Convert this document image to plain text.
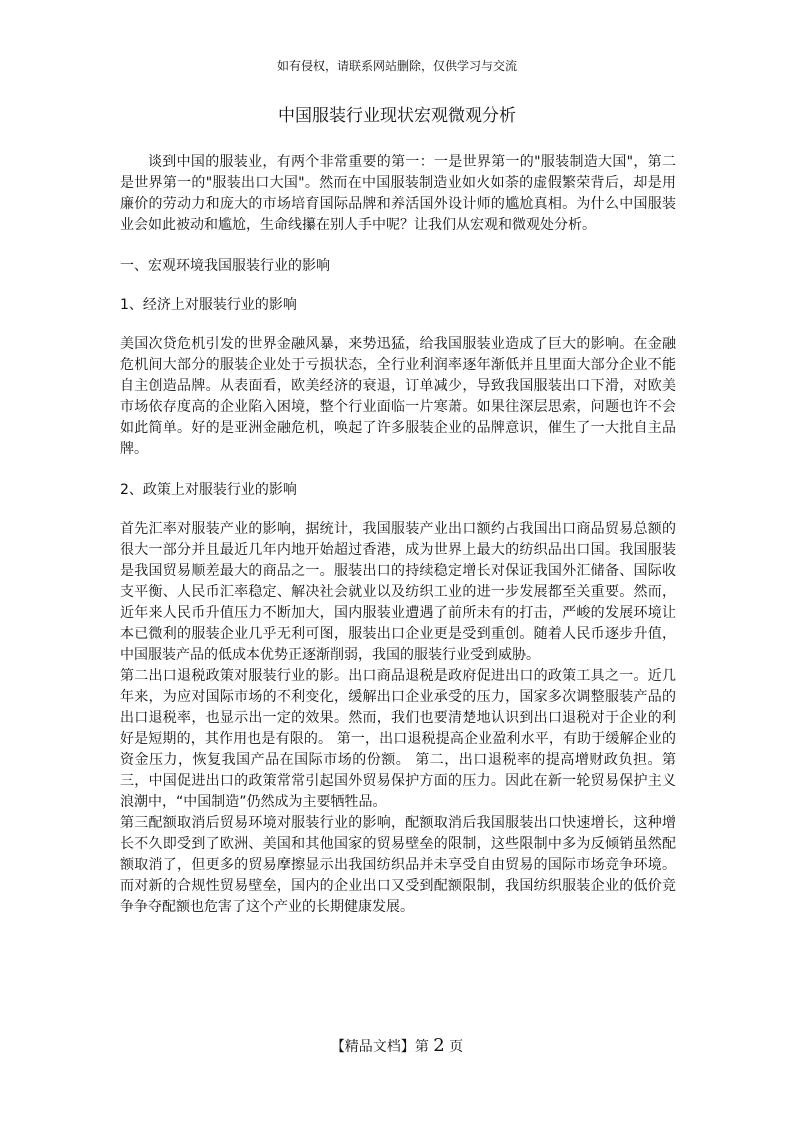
如有侵权，请联系网站删除，仅供学习与交流
中国服装行业现状宏观微观分析

谈到中国的服装业，有两个非常重要的第一：一是世界第一的"服装制造大国"，第二是世界第一的"服装出口大国"。然而在中国服装制造业如火如荼的虚假繁荣背后，却是用廉价的劳动力和庞大的市场培育国际品牌和养活国外设计师的尴尬真相。为什么中国服装业会如此被动和尴尬，生命线攥在别人手中呢？让我们从宏观和微观处分析。

一、宏观环境我国服装行业的影响

1、经济上对服装行业的影响

美国次贷危机引发的世界金融风暴，来势迅猛，给我国服装业造成了巨大的影响。在金融危机间大部分的服装企业处于亏损状态，全行业利润率逐年渐低并且里面大部分企业不能自主创造品牌。从表面看，欧美经济的衰退，订单减少，导致我国服装出口下滑，对欧美市场依存度高的企业陷入困境，整个行业面临一片寒萧。如果往深层思索，问题也许不会如此简单。好的是亚洲金融危机，唤起了许多服装企业的品牌意识，催生了一大批自主品牌。

2、政策上对服装行业的影响

首先汇率对服装产业的影响，据统计，我国服装产业出口额约占我国出口商品贸易总额的很大一部分并且最近几年内地开始超过香港，成为世界上最大的纺织品出口国。我国服装是我国贸易顺差最大的商品之一。服装出口的持续稳定增长对保证我国外汇储备、国际收支平衡、人民币汇率稳定、解决社会就业以及纺织工业的进一步发展都至关重要。然而，近年来人民币升值压力不断加大，国内服装业遭遇了前所未有的打击，严峻的发展环境让本已微利的服装企业几乎无利可图，服装出口企业更是受到重创。随着人民币逐步升值，中国服装产品的低成本优势正逐渐削弱，我国的服装行业受到威胁。

第二出口退税政策对服装行业的影。出口商品退税是政府促进出口的政策工具之一。近几年来，为应对国际市场的不利变化，缓解出口企业承受的压力，国家多次调整服装产品的出口退税率，也显示出一定的效果。然而，我们也要清楚地认识到出口退税对于企业的利好是短期的，其作用也是有限的。 第一，出口退税提高企业盈利水平，有助于缓解企业的资金压力，恢复我国产品在国际市场的份额。 第二，出口退税率的提高增财政负担。第三，中国促进出口的政策常常引起国外贸易保护方面的压力。因此在新一轮贸易保护主义浪潮中，“中国制造”仍然成为主要牺牲品。

第三配额取消后贸易环境对服装行业的影响，配额取消后我国服装出口快速增长，这种增长不久即受到了欧洲、美国和其他国家的贸易壁垒的限制，这些限制中多为反倾销虽然配额取消了，但更多的贸易摩擦显示出我国纺织品并未享受自由贸易的国际市场竞争环境。而对新的合规性贸易壁垒，国内的企业出口又受到配额限制，我国纺织服装企业的低价竞争争夺配额也危害了这个产业的长期健康发展。

【精品文档】第 2 页
